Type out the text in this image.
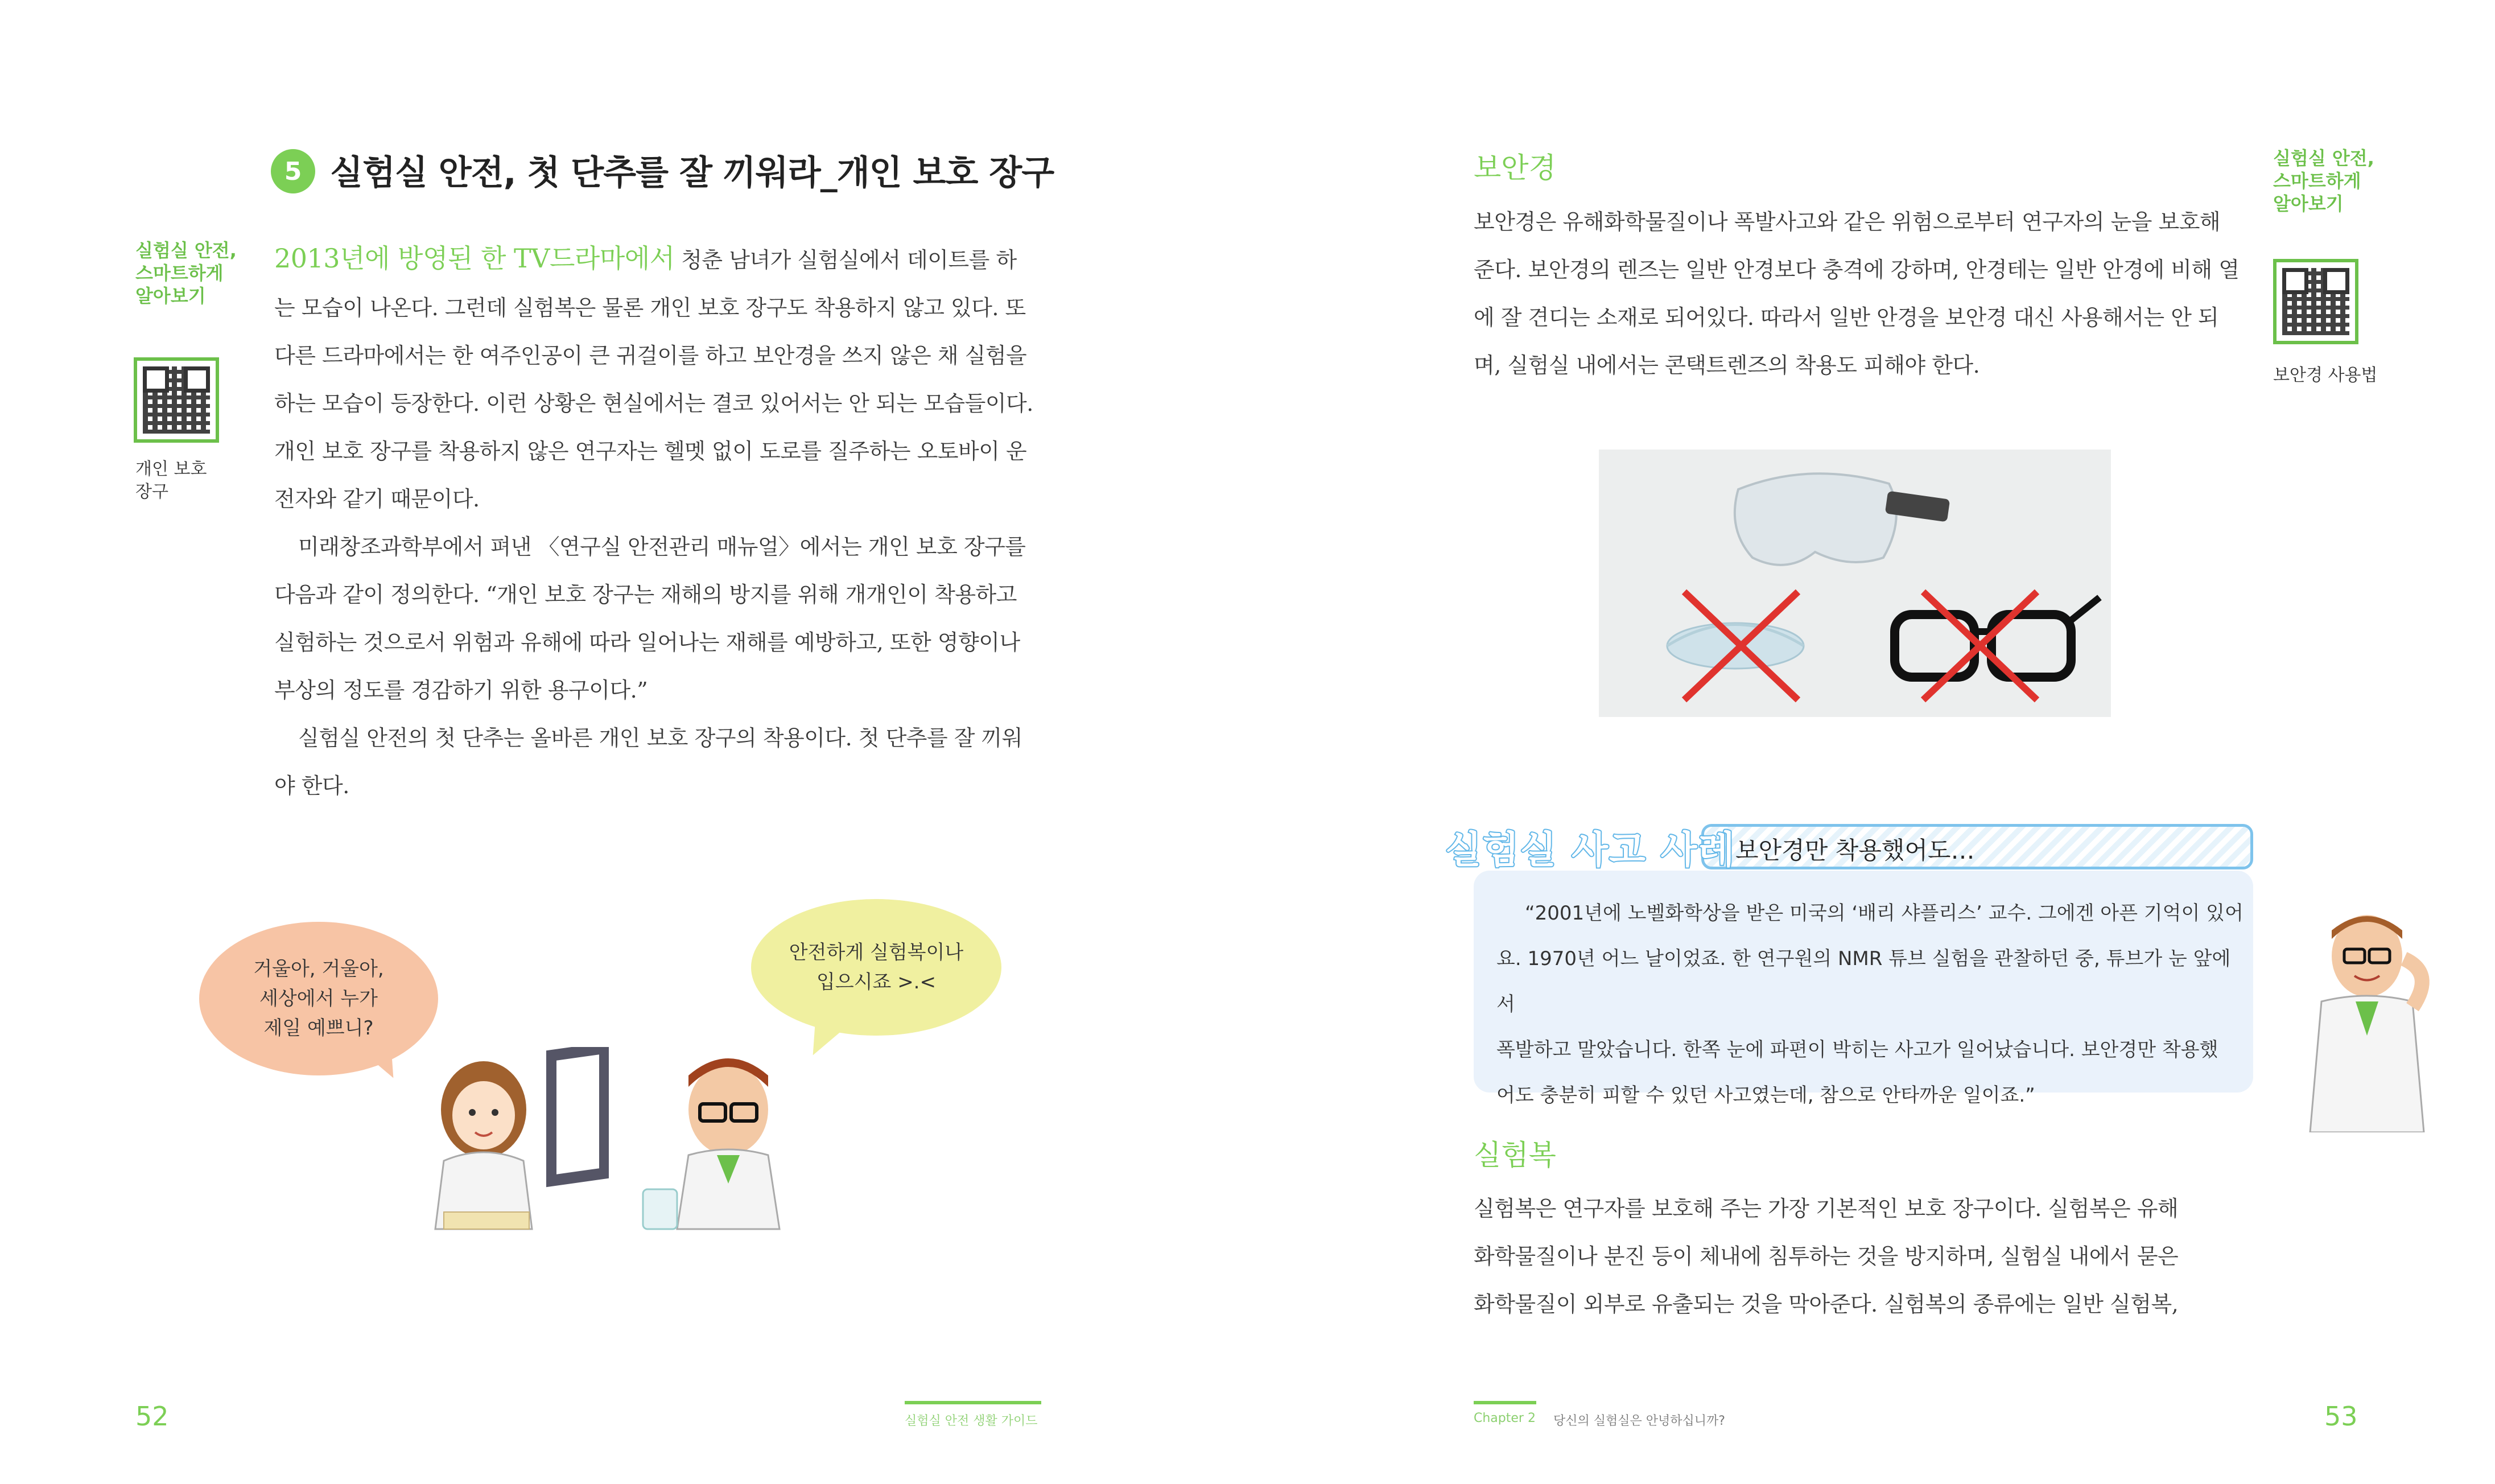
5 실험실 안전, 첫 단추를 잘 끼워라_개인 보호 장구
실험실 안전,
스마트하게
알아보기
개인 보호
장구

2013년에 방영된 한 TV드라마에서 청춘 남녀가 실험실에서 데이트를 하는 모습이 나온다. 그런데 실험복은 물론 개인 보호 장구도 착용하지 않고 있다. 또 다른 드라마에서는 한 여주인공이 큰 귀걸이를 하고 보안경을 쓰지 않은 채 실험을 하는 모습이 등장한다. 이런 상황은 현실에서는 결코 있어서는 안 되는 모습들이다. 개인 보호 장구를 착용하지 않은 연구자는 헬멧 없이 도로를 질주하는 오토바이 운전자와 같기 때문이다.

미래창조과학부에서 펴낸 〈연구실 안전관리 매뉴얼〉에서는 개인 보호 장구를 다음과 같이 정의한다. “개인 보호 장구는 재해의 방지를 위해 개개인이 착용하고 실험하는 것으로서 위험과 유해에 따라 일어나는 재해를 예방하고, 또한 영향이나 부상의 정도를 경감하기 위한 용구이다.”

실험실 안전의 첫 단추는 올바른 개인 보호 장구의 착용이다. 첫 단추를 잘 끼워야 한다.

거울아, 거울아,
세상에서 누가
제일 예쁘니?
안전하게 실험복이나
입으시죠 >.<
52	실험실 안전 생활 가이드
보안경
보안경은 유해화학물질이나 폭발사고와 같은 위험으로부터 연구자의 눈을 보호해 준다. 보안경의 렌즈는 일반 안경보다 충격에 강하며, 안경테는 일반 안경에 비해 열에 잘 견디는 소재로 되어있다. 따라서 일반 안경을 보안경 대신 사용해서는 안 되며, 실험실 내에서는 콘택트렌즈의 착용도 피해야 한다.
실험실 안전,
스마트하게
알아보기
보안경 사용법
실험실 사고 사례 보안경만 착용했어도…

“2001년에 노벨화학상을 받은 미국의 ‘배리 샤플리스’ 교수. 그에겐 아픈 기억이 있어

요. 1970년 어느 날이었죠. 한 연구원의 NMR 튜브 실험을 관찰하던 중, 튜브가 눈 앞에서

폭발하고 말았습니다. 한쪽 눈에 파편이 박히는 사고가 일어났습니다. 보안경만 착용했

어도 충분히 피할 수 있던 사고였는데, 참으로 안타까운 일이죠.”

실험복

실험복은 연구자를 보호해 주는 가장 기본적인 보호 장구이다. 실험복은 유해

화학물질이나 분진 등이 체내에 침투하는 것을 방지하며, 실험실 내에서 묻은

화학물질이 외부로 유출되는 것을 막아준다. 실험복의 종류에는 일반 실험복,

Chapter 2 당신의 실험실은 안녕하십니까?	53
